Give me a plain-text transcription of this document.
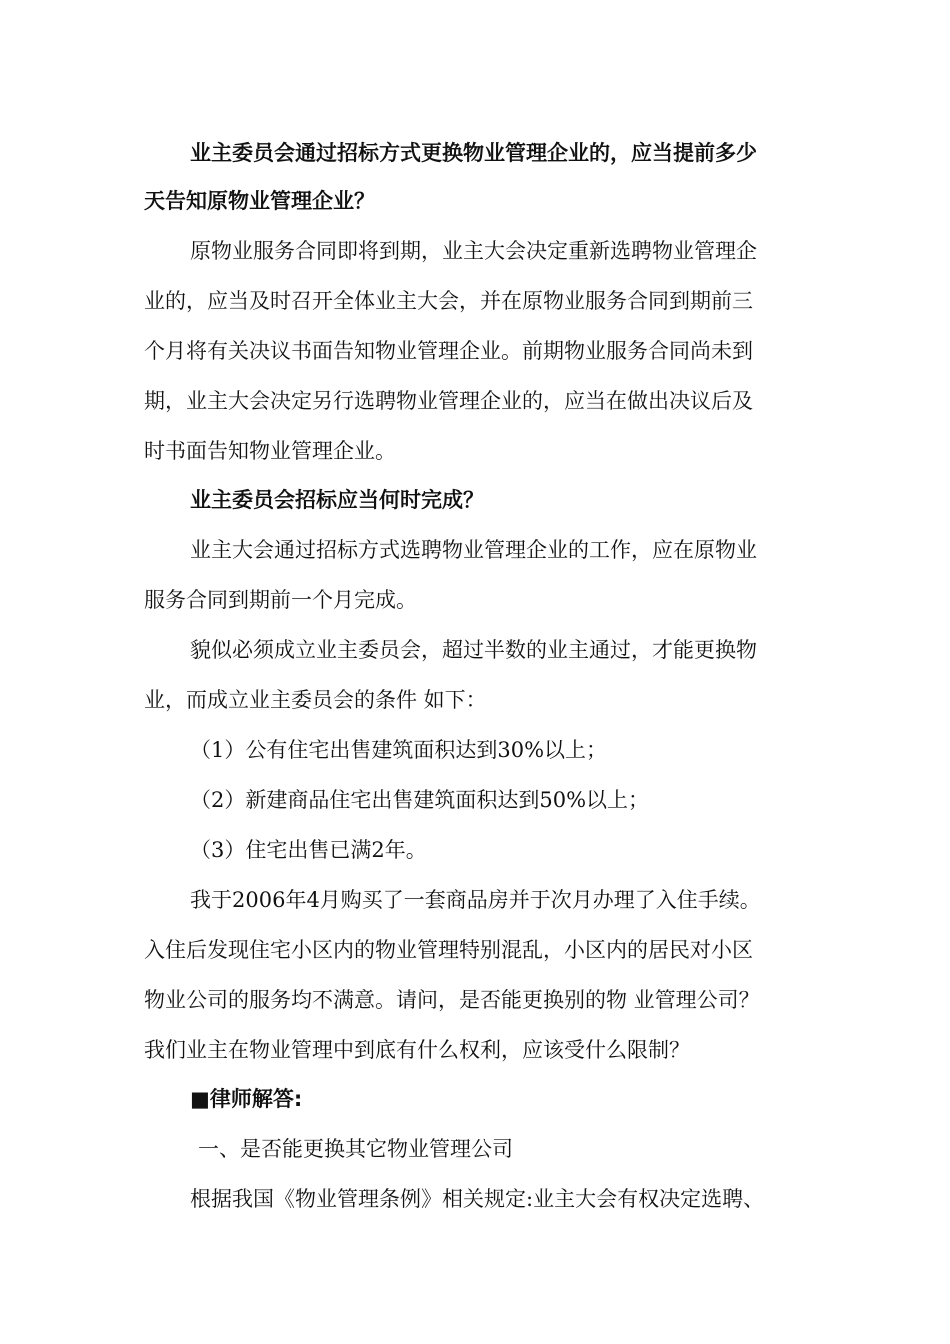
业主委员会通过招标方式更换物业管理企业的，应当提前多少
天告知原物业管理企业？
原物业服务合同即将到期，业主大会决定重新选聘物业管理企
业的，应当及时召开全体业主大会，并在原物业服务合同到期前三
个月将有关决议书面告知物业管理企业。前期物业服务合同尚未到
期，业主大会决定另行选聘物业管理企业的，应当在做出决议后及
时书面告知物业管理企业。
业主委员会招标应当何时完成？
业主大会通过招标方式选聘物业管理企业的工作，应在原物业
服务合同到期前一个月完成。
貌似必须成立业主委员会，超过半数的业主通过，才能更换物
业，而成立业主委员会的条件 如下：
（1）公有住宅出售建筑面积达到30%以上；
（2）新建商品住宅出售建筑面积达到50%以上；
（3）住宅出售已满2年。
我于2006年4月购买了一套商品房并于次月办理了入住手续。
入住后发现住宅小区内的物业管理特别混乱，小区内的居民对小区
物业公司的服务均不满意。请问，是否能更换别的物 业管理公司？
我们业主在物业管理中到底有什么权利，应该受什么限制？
■律师解答:
一、是否能更换其它物业管理公司
根据我国《物业管理条例》相关规定:业主大会有权决定选聘、
